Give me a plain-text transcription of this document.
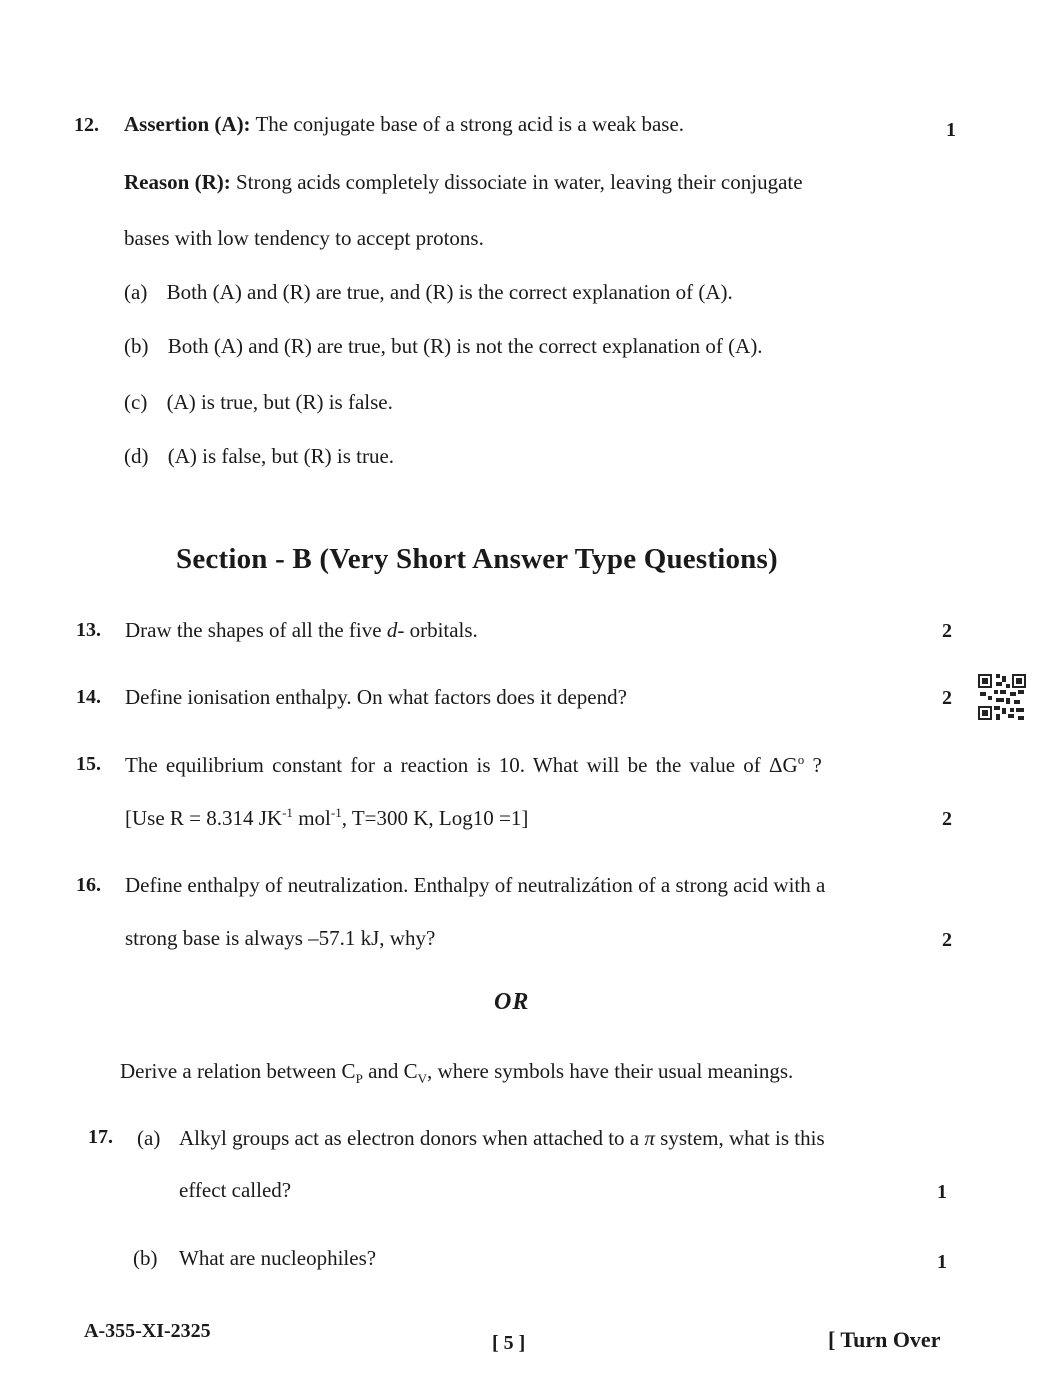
12. Assertion (A): The conjugate base of a strong acid is a weak base.	1
Reason (R): Strong acids completely dissociate in water, leaving their conjugate
bases with low tendency to accept protons.
(a) Both (A) and (R) are true, and (R) is the correct explanation of (A).
(b) Both (A) and (R) are true, but (R) is not the correct explanation of (A).
(c) (A) is true, but (R) is false.
(d) (A) is false, but (R) is true.
Section - B (Very Short Answer Type Questions)
13. Draw the shapes of all the five d- orbitals.	2
14. Define ionisation enthalpy. On what factors does it depend?	2
15. The equilibrium constant for a reaction is 10. What will be the value of $\Delta G^o$ ?
[Use R = 8.314 $JK^{-1}$ mol$^{-1}$, T=300 K, Log10 =1]	2
16. Define enthalpy of neutralization. Enthalpy of neutralizátion of a strong acid with a
strong base is always –57.1 kJ, why?	2
OR
Derive a relation between $C_P$ and $C_V$, where symbols have their usual meanings.
17. (a) Alkyl groups act as electron donors when attached to a π system, what is this
effect called?	1
(b) What are nucleophiles?	1
A-355-XI-2325
[ 5 ]	[ Turn Over
